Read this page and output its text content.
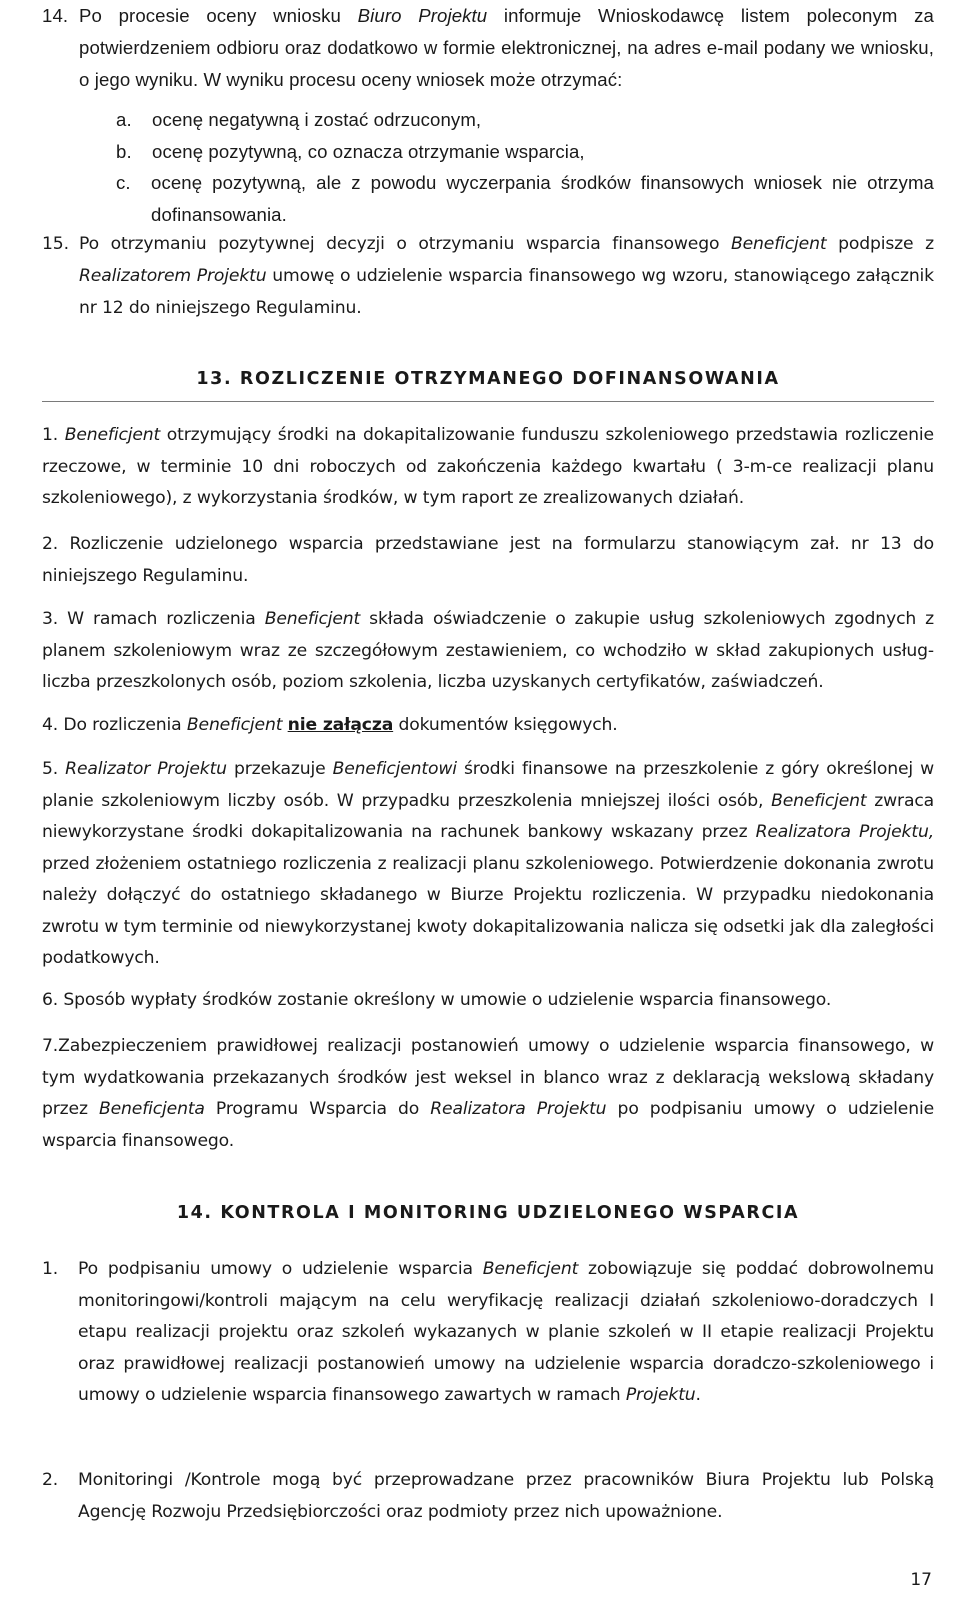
14. Po procesie oceny wniosku Biuro Projektu informuje Wnioskodawcę listem poleconym za potwierdzeniem odbioru oraz dodatkowo w formie elektronicznej, na adres e-mail podany we wniosku, o jego wyniku. W wyniku procesu oceny wniosek może otrzymać:
a.	ocenę negatywną i zostać odrzuconym,
b.	ocenę pozytywną, co oznacza otrzymanie wsparcia,
c. ocenę pozytywną, ale z powodu wyczerpania środków finansowych wniosek nie otrzyma dofinansowania.
15. Po otrzymaniu pozytywnej decyzji o otrzymaniu wsparcia finansowego Beneficjent podpisze z Realizatorem Projektu umowę o udzielenie wsparcia finansowego wg wzoru, stanowiącego załącznik nr 12 do niniejszego Regulaminu.
13. ROZLICZENIE OTRZYMANEGO DOFINANSOWANIA
1. Beneficjent otrzymujący środki na dokapitalizowanie funduszu szkoleniowego przedstawia rozliczenie rzeczowe, w terminie 10 dni roboczych od zakończenia każdego kwartału ( 3-m-ce realizacji planu szkoleniowego), z wykorzystania środków, w tym raport ze zrealizowanych działań.
2. Rozliczenie udzielonego wsparcia przedstawiane jest na formularzu stanowiącym zał. nr 13 do niniejszego Regulaminu.
3. W ramach rozliczenia Beneficjent składa oświadczenie o zakupie usług szkoleniowych zgodnych z planem szkoleniowym wraz ze szczegółowym zestawieniem, co wchodziło w skład zakupionych usług-liczba przeszkolonych osób, poziom szkolenia, liczba uzyskanych certyfikatów, zaświadczeń.
4. Do rozliczenia Beneficjent nie załącza dokumentów księgowych.
5. Realizator Projektu przekazuje Beneficjentowi środki finansowe na przeszkolenie z góry określonej w planie szkoleniowym liczby osób. W przypadku przeszkolenia mniejszej ilości osób, Beneficjent zwraca niewykorzystane środki dokapitalizowania na rachunek bankowy wskazany przez Realizatora Projektu, przed złożeniem ostatniego rozliczenia z realizacji planu szkoleniowego. Potwierdzenie dokonania zwrotu należy dołączyć do ostatniego składanego w Biurze Projektu rozliczenia. W przypadku niedokonania zwrotu w tym terminie od niewykorzystanej kwoty dokapitalizowania nalicza się odsetki jak dla zaległości podatkowych.
6. Sposób wypłaty środków zostanie określony w umowie o udzielenie wsparcia finansowego.
7.Zabezpieczeniem prawidłowej realizacji postanowień umowy o udzielenie wsparcia finansowego, w tym wydatkowania przekazanych środków jest weksel in blanco wraz z deklaracją wekslową składany przez Beneficjenta Programu Wsparcia do Realizatora Projektu po podpisaniu umowy o udzielenie wsparcia finansowego.
14. KONTROLA I MONITORING UDZIELONEGO WSPARCIA
1.	Po podpisaniu umowy o udzielenie wsparcia Beneficjent zobowiązuje się poddać dobrowolnemu monitoringowi/kontroli mającym na celu weryfikację realizacji działań szkoleniowo-doradczych I etapu realizacji projektu oraz szkoleń wykazanych w planie szkoleń w II etapie realizacji Projektu oraz prawidłowej realizacji postanowień umowy na udzielenie wsparcia doradczo-szkoleniowego i umowy o udzielenie wsparcia finansowego zawartych w ramach Projektu.
2.	Monitoringi /Kontrole mogą być przeprowadzane przez pracowników Biura Projektu lub Polską Agencję Rozwoju Przedsiębiorczości oraz podmioty przez nich upoważnione.
17
